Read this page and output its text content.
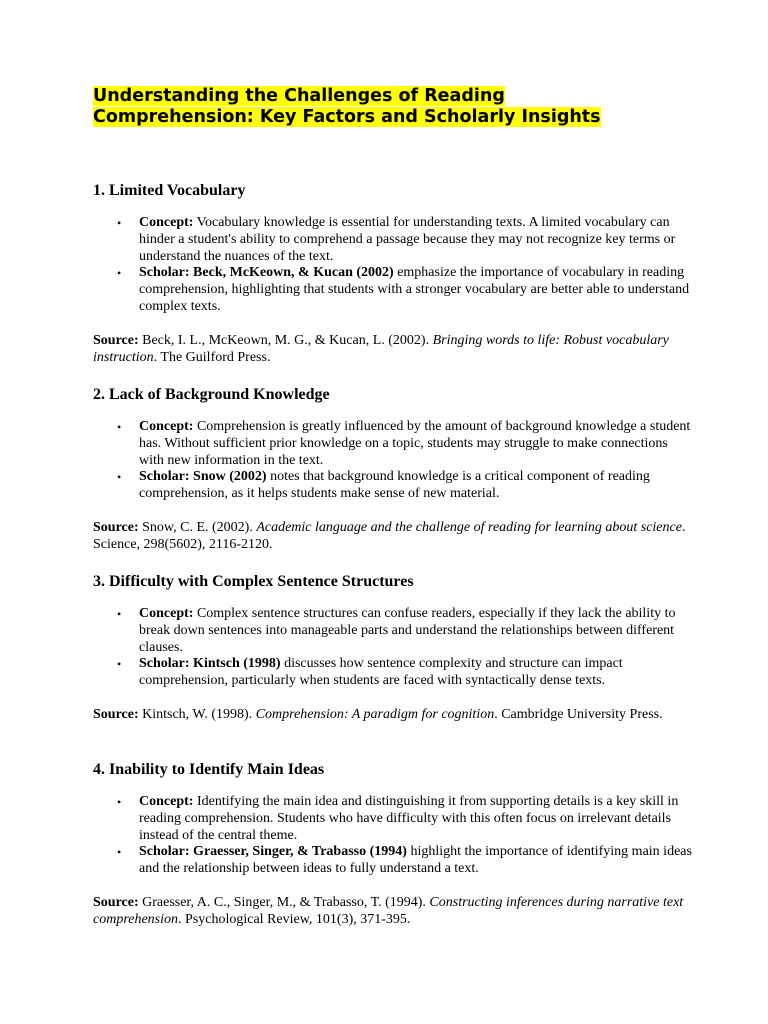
Understanding the Challenges of Reading
Comprehension: Key Factors and Scholarly Insights
1. Limited Vocabulary
• Concept: Vocabulary knowledge is essential for understanding texts. A limited vocabulary can hinder a student's ability to comprehend a passage because they may not recognize key terms or understand the nuances of the text.
• Scholar: Beck, McKeown, & Kucan (2002) emphasize the importance of vocabulary in reading comprehension, highlighting that students with a stronger vocabulary are better able to understand complex texts.

Source: Beck, I. L., McKeown, M. G., & Kucan, L. (2002). Bringing words to life: Robust vocabulary instruction. The Guilford Press.

2. Lack of Background Knowledge
• Concept: Comprehension is greatly influenced by the amount of background knowledge a student has. Without sufficient prior knowledge on a topic, students may struggle to make connections with new information in the text.
• Scholar: Snow (2002) notes that background knowledge is a critical component of reading comprehension, as it helps students make sense of new material.

Source: Snow, C. E. (2002). Academic language and the challenge of reading for learning about science. Science, 298(5602), 2116-2120.

3. Difficulty with Complex Sentence Structures
• Concept: Complex sentence structures can confuse readers, especially if they lack the ability to break down sentences into manageable parts and understand the relationships between different clauses.
• Scholar: Kintsch (1998) discusses how sentence complexity and structure can impact comprehension, particularly when students are faced with syntactically dense texts.

Source: Kintsch, W. (1998). Comprehension: A paradigm for cognition. Cambridge University Press.

4. Inability to Identify Main Ideas
• Concept: Identifying the main idea and distinguishing it from supporting details is a key skill in reading comprehension. Students who have difficulty with this often focus on irrelevant details instead of the central theme.
• Scholar: Graesser, Singer, & Trabasso (1994) highlight the importance of identifying main ideas and the relationship between ideas to fully understand a text.

Source: Graesser, A. C., Singer, M., & Trabasso, T. (1994). Constructing inferences during narrative text comprehension. Psychological Review, 101(3), 371-395.
